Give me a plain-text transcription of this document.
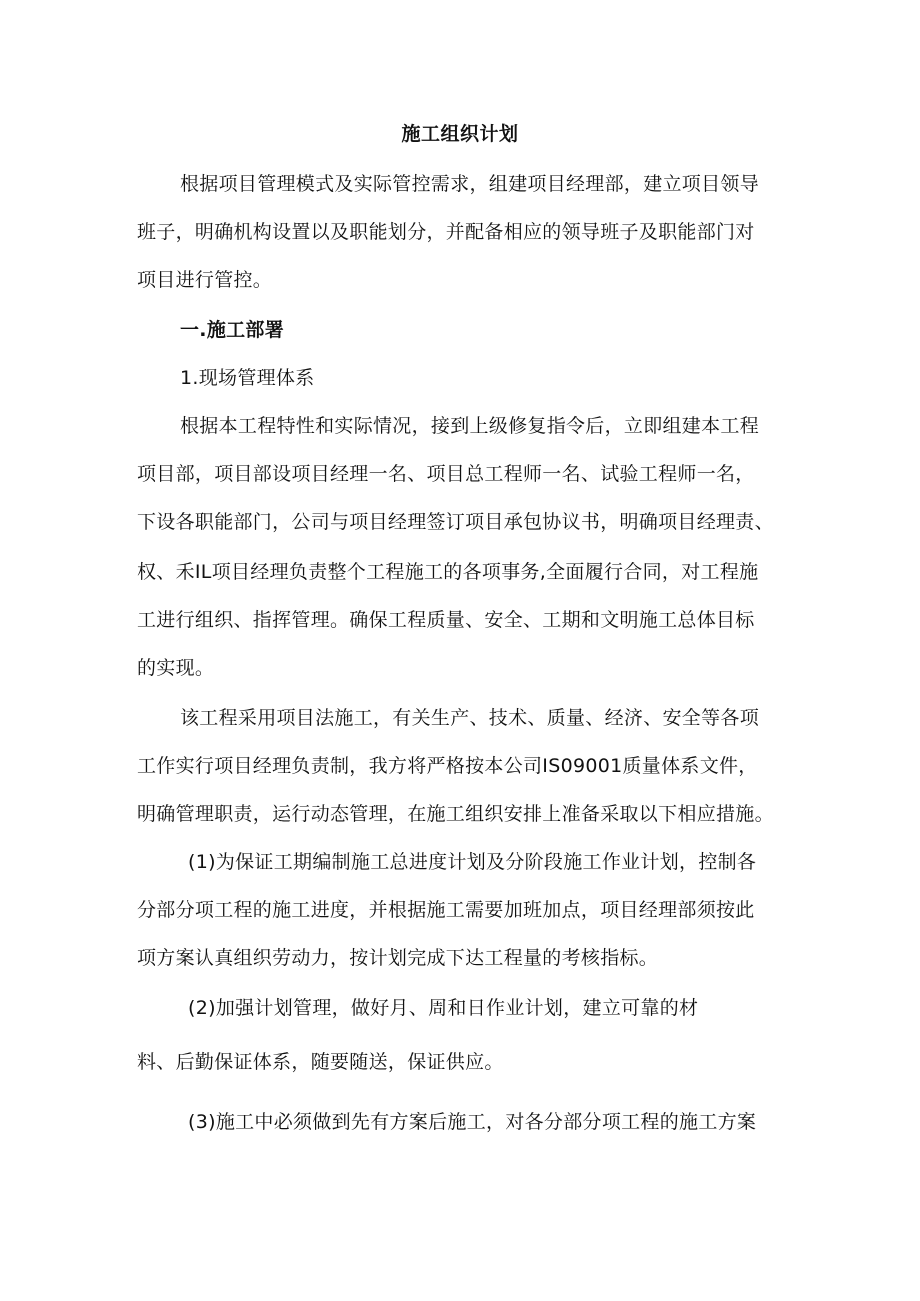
施工组织计划
根据项目管理模式及实际管控需求，组建项目经理部，建立项目领导
班子，明确机构设置以及职能划分，并配备相应的领导班子及职能部门对
项目进行管控。
一.施工部署
1.现场管理体系
根据本工程特性和实际情况，接到上级修复指令后，立即组建本工程
项目部，项目部设项目经理一名、项目总工程师一名、试验工程师一名，
下设各职能部门，公司与项目经理签订项目承包协议书，明确项目经理责、
权、禾IL项目经理负责整个工程施工的各项事务,全面履行合同，对工程施
工进行组织、指挥管理。确保工程质量、安全、工期和文明施工总体目标
的实现。
该工程采用项目法施工，有关生产、技术、质量、经济、安全等各项
工作实行项目经理负责制，我方将严格按本公司IS09001质量体系文件，
明确管理职责，运行动态管理，在施工组织安排上准备采取以下相应措施。
(1)为保证工期编制施工总进度计划及分阶段施工作业计划，控制各
分部分项工程的施工进度，并根据施工需要加班加点，项目经理部须按此
项方案认真组织劳动力，按计划完成下达工程量的考核指标。
(2)加强计划管理，做好月、周和日作业计划，建立可靠的材
料、后勤保证体系，随要随送，保证供应。
(3)施工中必须做到先有方案后施工，对各分部分项工程的施工方案
